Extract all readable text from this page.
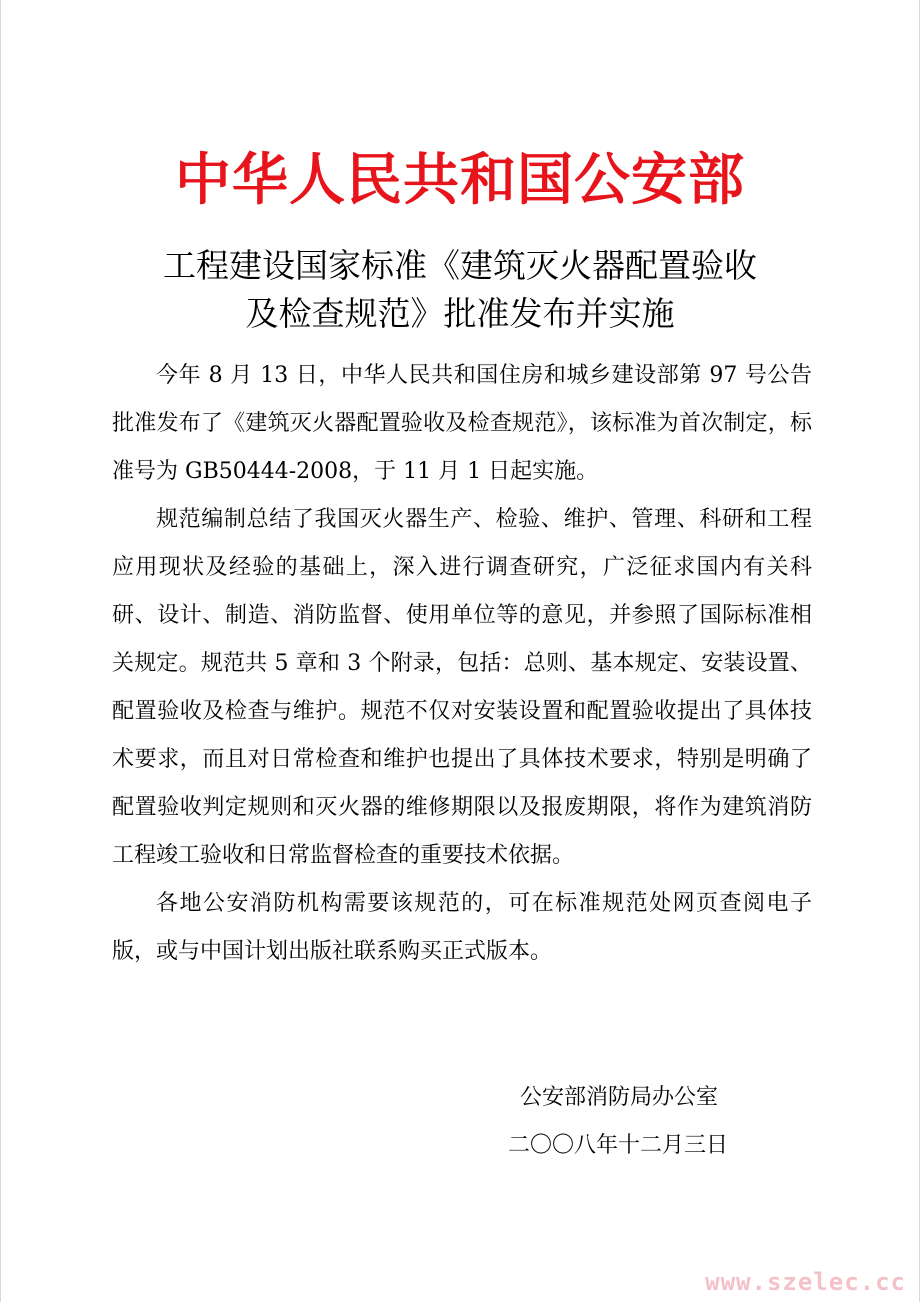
中华人民共和国公安部
工程建设国家标准《建筑灭火器配置验收
及检查规范》批准发布并实施

今年 8 月 13 日，中华人民共和国住房和城乡建设部第 97 号公告批准发布了《建筑灭火器配置验收及检查规范》，该标准为首次制定，标准号为 GB50444-2008，于 11 月 1 日起实施。

规范编制总结了我国灭火器生产、检验、维护、管理、科研和工程应用现状及经验的基础上，深入进行调查研究，广泛征求国内有关科研、设计、制造、消防监督、使用单位等的意见，并参照了国际标准相关规定。规范共 5 章和 3 个附录，包括：总则、基本规定、安装设置、配置验收及检查与维护。规范不仅对安装设置和配置验收提出了具体技术要求，而且对日常检查和维护也提出了具体技术要求，特别是明确了配置验收判定规则和灭火器的维修期限以及报废期限，将作为建筑消防工程竣工验收和日常监督检查的重要技术依据。

各地公安消防机构需要该规范的，可在标准规范处网页查阅电子版，或与中国计划出版社联系购买正式版本。

公安部消防局办公室
二〇〇八年十二月三日
www.szelec.cc
